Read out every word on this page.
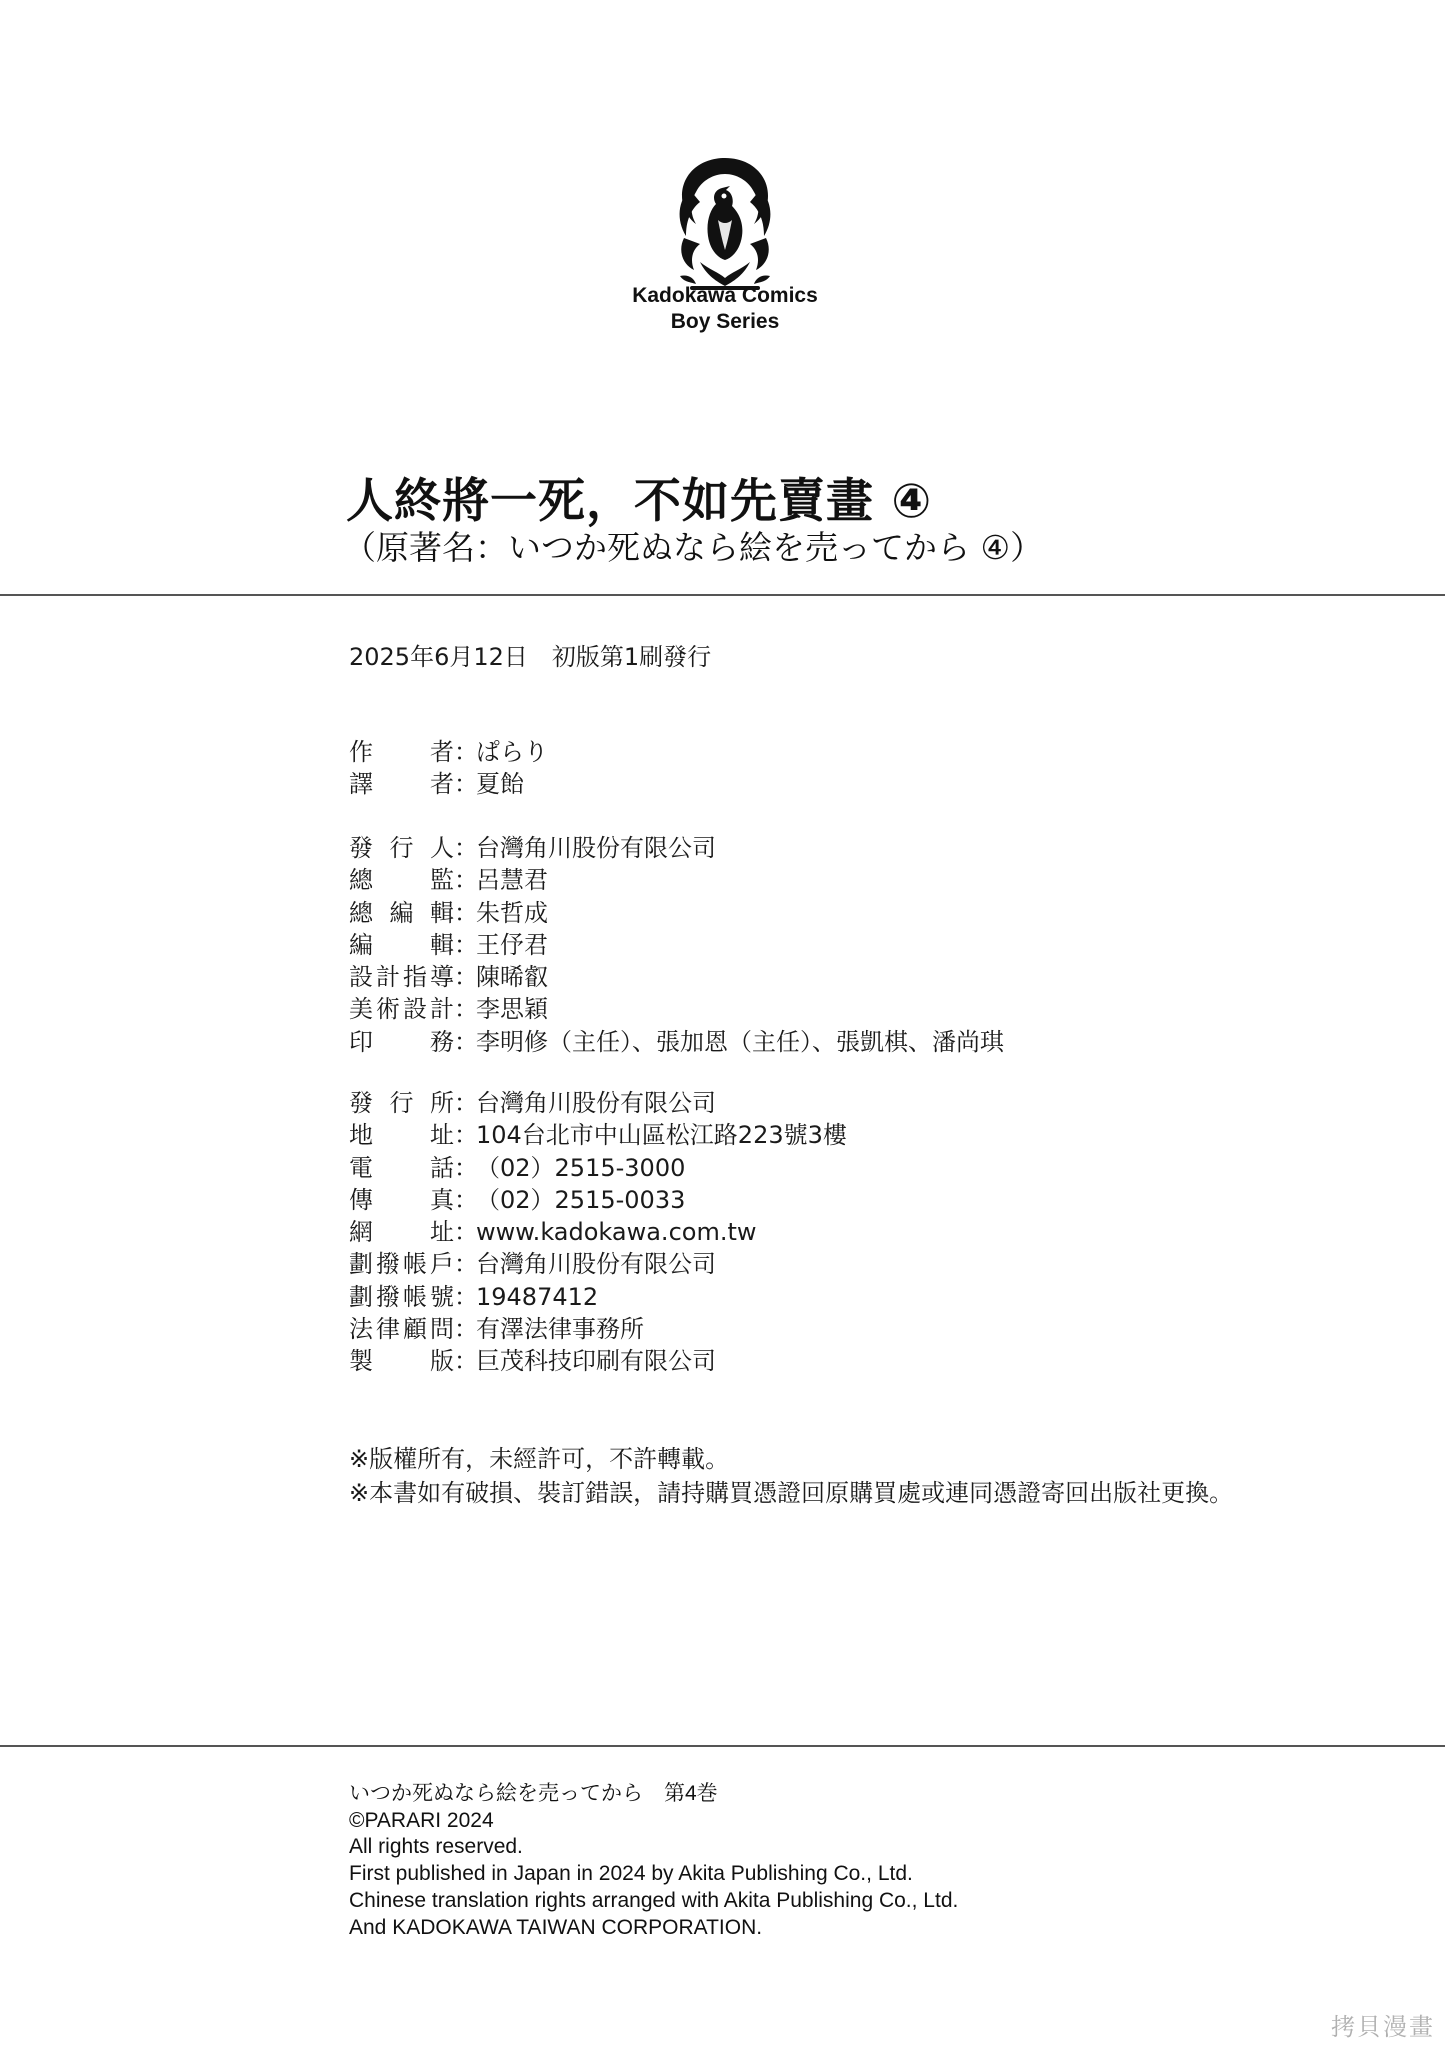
Kadokawa Comics
Boy Series
人終將一死，不如先賣畫 ④
（原著名：いつか死ぬなら絵を売ってから ④）
2025年6月12日　初版第1刷發行
作者 ：
ぱらり
譯者 ：
夏飴
發行人 ：
台灣角川股份有限公司
總監 ：
呂慧君
總編輯 ：
朱哲成
編輯 ：
王伃君
設計指導 ：
陳晞叡
美術設計 ：
李思穎
印務 ：
李明修（主任）、張加恩（主任）、張凱棋、潘尚琪
發行所 ：
台灣角川股份有限公司
地址 ：
104台北市中山區松江路223號3樓
電話 ：
（02）2515-3000
傳真 ：
（02）2515-0033
網址 ：
www.kadokawa.com.tw
劃撥帳戶 ：
台灣角川股份有限公司
劃撥帳號 ：
19487412
法律顧問 ：
有澤法律事務所
製版 ：
巨茂科技印刷有限公司
※版權所有，未經許可，不許轉載。
※本書如有破損、裝訂錯誤，請持購買憑證回原購買處或連同憑證寄回出版社更換。
いつか死ぬなら絵を売ってから　第4巻
©PARARI 2024
All rights reserved.
First published in Japan in 2024 by Akita Publishing Co., Ltd.
Chinese translation rights arranged with Akita Publishing Co., Ltd.
And KADOKAWA TAIWAN CORPORATION.
拷貝漫畫
